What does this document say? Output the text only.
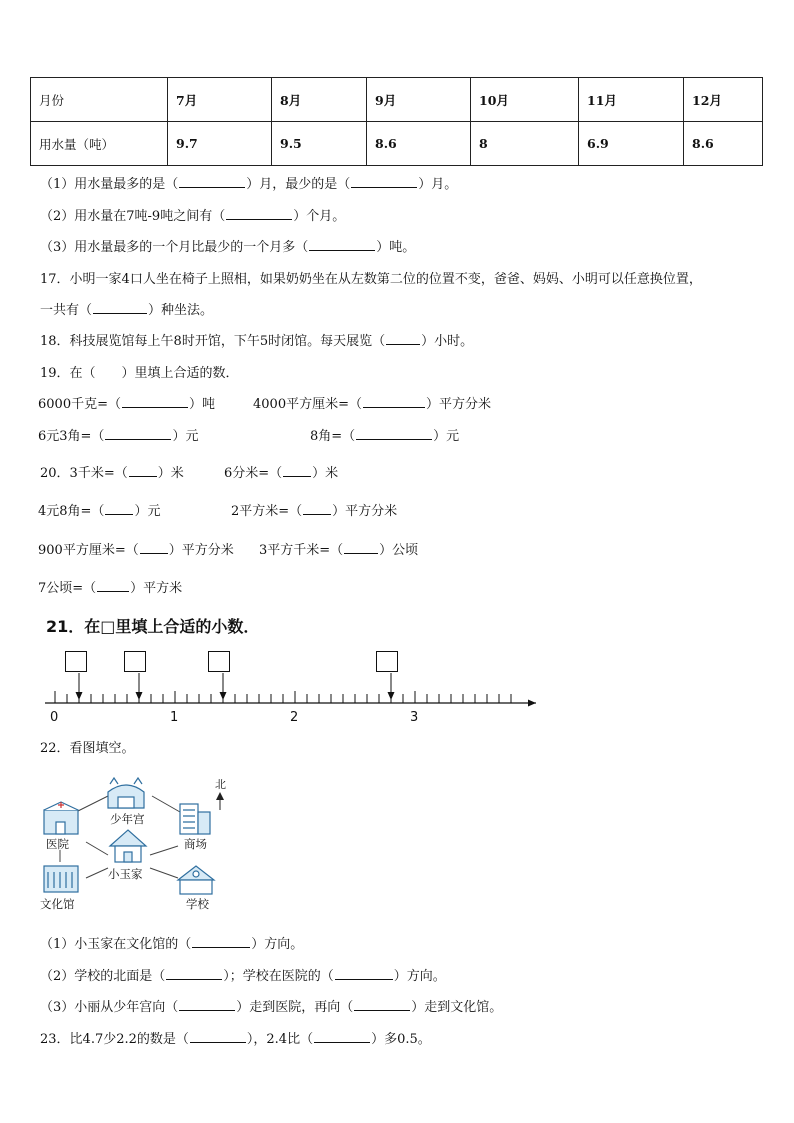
月份	7月	8月	9月	10月	11月	12月
用水量（吨）	9.7	9.5	8.6	8	6.9	8.6
（1）用水量最多的是（	）月，最少的是（	）月。
（2）用水量在7吨-9吨之间有（	）个月。
（3）用水量最多的一个月比最少的一个月多（	）吨。
17．小明一家4口人坐在椅子上照相，如果奶奶坐在从左数第二位的位置不变，爸爸、妈妈、小明可以任意换位置，
一共有（	）种坐法。
18．科技展览馆每上午8时开馆，下午5时闭馆。每天展览（	）小时。
19．在（　　）里填上合适的数．
6000千克=（	）吨	4000平方厘米=（	）平方分米
6元3角=（	）元	8角=（	）元
20．3千米=（ ）米	6分米=（ ）米
4元8角=（ ）元	2平方米=（ ）平方分米
900平方厘米=（ ）平方分米 3平方千米=（	）公顷
7公顷=（	）平方米
21．在□里填上合适的小数．
0	1	2	3
22．看图填空。
北
少年宫
医院	商场
小玉家
文化馆	学校
（1）小玉家在文化馆的（	）方向。
（2）学校的北面是（	）；学校在医院的（	）方向。
（3）小丽从少年宫向（	）走到医院，再向（	）走到文化馆。
23．比4.7少2.2的数是（	），2.4比（	）多0.5。
